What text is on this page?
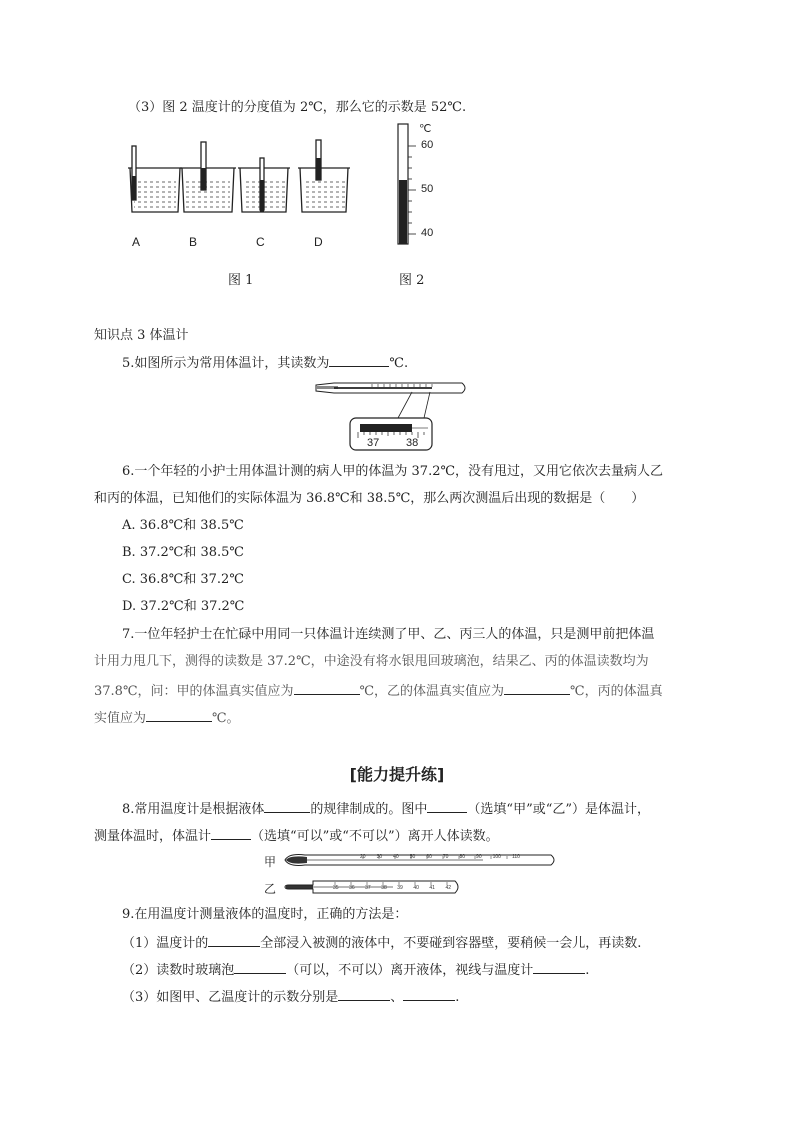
（3）图 2 温度计的分度值为 2℃，那么它的示数是 52℃.
A	B	C	D
图 1
℃
60
50
40
图 2
知识点 3 体温计
5.如图所示为常用体温计，其读数为	℃.
37 38
6.一个年轻的小护士用体温计测的病人甲的体温为 37.2℃，没有甩过，又用它依次去量病人乙
和丙的体温，已知他们的实际体温为 36.8℃和 38.5℃，那么两次测温后出现的数据是（　　）
A. 36.8℃和 38.5℃
B. 37.2℃和 38.5℃
C. 36.8℃和 37.2℃
D. 37.2℃和 37.2℃
7.一位年轻护士在忙碌中用同一只体温计连续测了甲、乙、丙三人的体温，只是测甲前把体温
计用力甩几下，测得的读数是 37.2℃，中途没有将水银甩回玻璃泡，结果乙、丙的体温读数均为
37.8℃，问：甲的体温真实值应为	℃，乙的体温真实值应为	℃，丙的体温真
实值应为	℃。
[能力提升练]
8.常用温度计是根据液体	的规律制成的。图中	（选填“甲”或“乙”）是体温计，
测量体温时，体温计	（选填“可以”或“不可以”）离开人体读数。
甲
乙
20 30 40 50 60 70 80 90 100 110
35 36 37 38 39 40 41 42
9.在用温度计测量液体的温度时，正确的方法是：
（1）温度计的	全部浸入被测的液体中，不要碰到容器壁，要稍候一会儿，再读数.
（2）读数时玻璃泡	（可以，不可以）离开液体，视线与温度计	.
（3）如图甲、乙温度计的示数分别是	、	.
